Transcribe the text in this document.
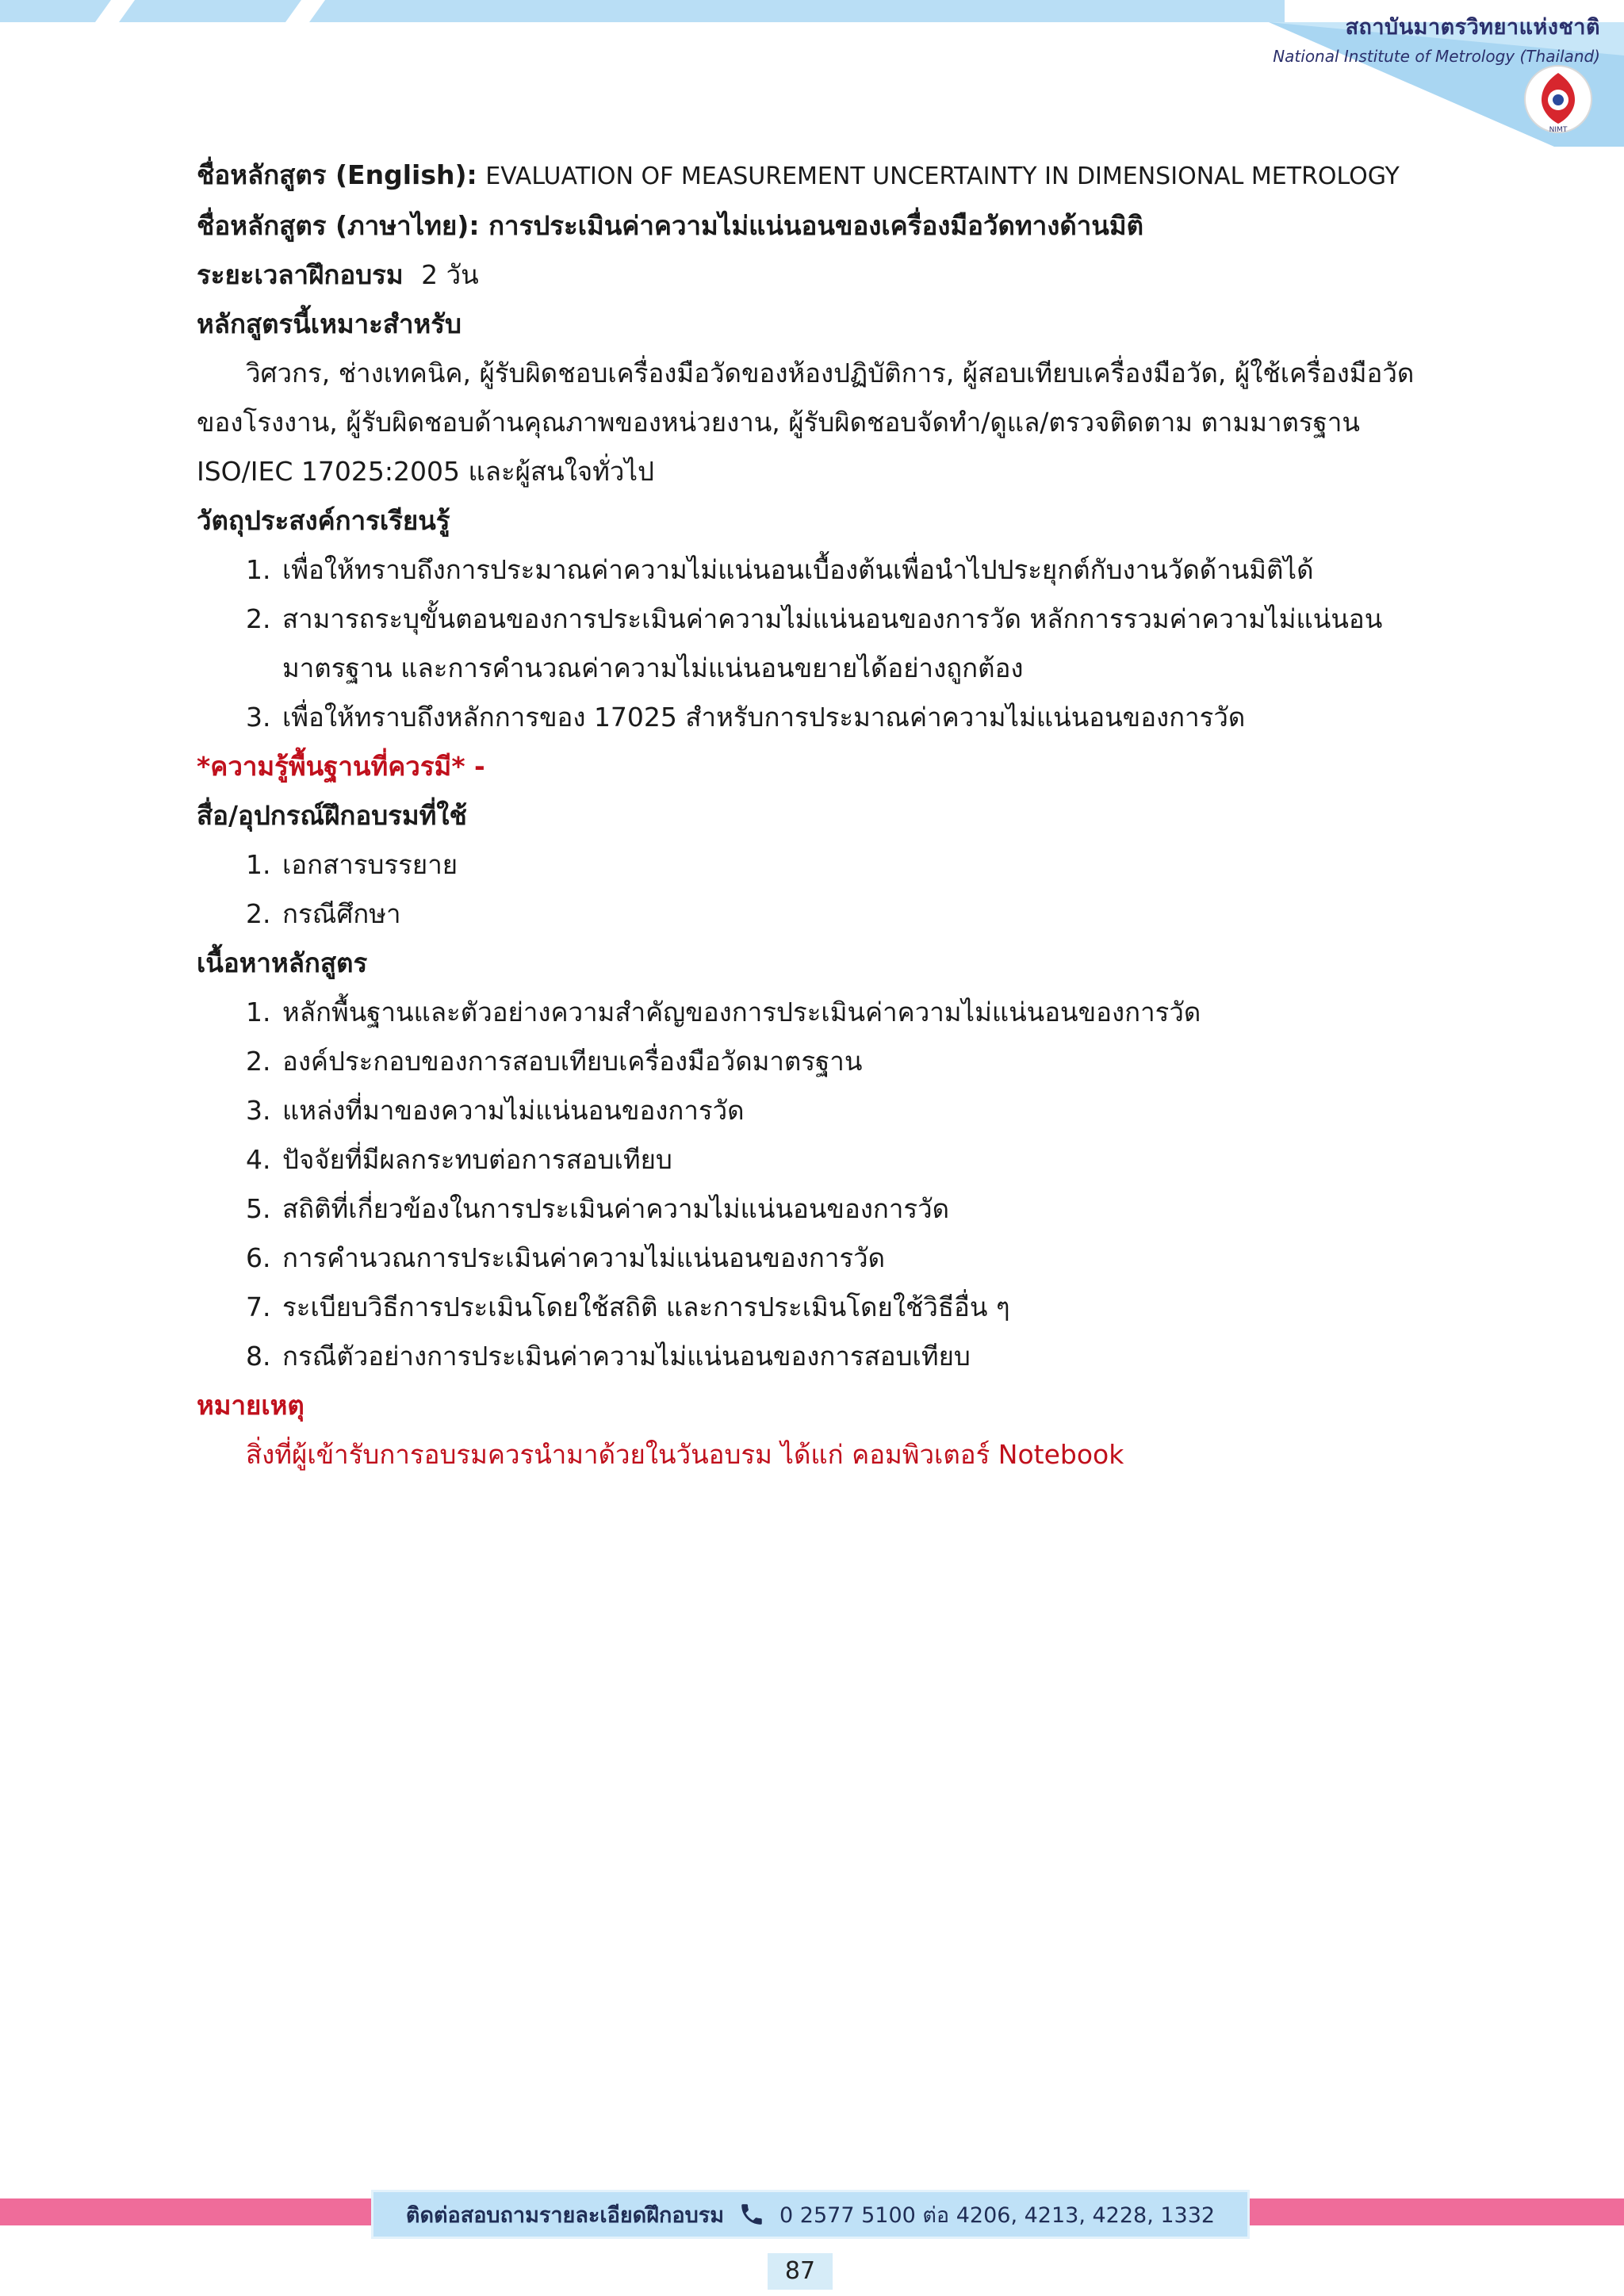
สถาบันมาตรวิทยาแห่งชาติ
National Institute of Metrology (Thailand)
NIMT
ชื่อหลักสูตร (English): EVALUATION OF MEASUREMENT UNCERTAINTY IN DIMENSIONAL METROLOGY
ชื่อหลักสูตร (ภาษาไทย): การประเมินค่าความไม่แน่นอนของเครื่องมือวัดทางด้านมิติ
ระยะเวลาฝึกอบรม 2 วัน
หลักสูตรนี้เหมาะสำหรับ
วิศวกร, ช่างเทคนิค, ผู้รับผิดชอบเครื่องมือวัดของห้องปฏิบัติการ, ผู้สอบเทียบเครื่องมือวัด, ผู้ใช้เครื่องมือวัดของโรงงาน, ผู้รับผิดชอบด้านคุณภาพของหน่วยงาน, ผู้รับผิดชอบจัดทำ/ดูแล/ตรวจติดตาม ตามมาตรฐาน ISO/IEC 17025:2005 และผู้สนใจทั่วไป
วัตถุประสงค์การเรียนรู้
1. เพื่อให้ทราบถึงการประมาณค่าความไม่แน่นอนเบื้องต้นเพื่อนำไปประยุกต์กับงานวัดด้านมิติได้
2. สามารถระบุขั้นตอนของการประเมินค่าความไม่แน่นอนของการวัด หลักการรวมค่าความไม่แน่นอนมาตรฐาน และการคำนวณค่าความไม่แน่นอนขยายได้อย่างถูกต้อง
3. เพื่อให้ทราบถึงหลักการของ 17025 สำหรับการประมาณค่าความไม่แน่นอนของการวัด
*ความรู้พื้นฐานที่ควรมี* -
สื่อ/อุปกรณ์ฝึกอบรมที่ใช้
1. เอกสารบรรยาย
2. กรณีศึกษา
เนื้อหาหลักสูตร
1. หลักพื้นฐานและตัวอย่างความสำคัญของการประเมินค่าความไม่แน่นอนของการวัด
2. องค์ประกอบของการสอบเทียบเครื่องมือวัดมาตรฐาน
3. แหล่งที่มาของความไม่แน่นอนของการวัด
4. ปัจจัยที่มีผลกระทบต่อการสอบเทียบ
5. สถิติที่เกี่ยวข้องในการประเมินค่าความไม่แน่นอนของการวัด
6. การคำนวณการประเมินค่าความไม่แน่นอนของการวัด
7. ระเบียบวิธีการประเมินโดยใช้สถิติ และการประเมินโดยใช้วิธีอื่น ๆ
8. กรณีตัวอย่างการประเมินค่าความไม่แน่นอนของการสอบเทียบ
หมายเหตุ
สิ่งที่ผู้เข้ารับการอบรมควรนำมาด้วยในวันอบรม ได้แก่ คอมพิวเตอร์ Notebook
ติดต่อสอบถามรายละเอียดฝึกอบรม	0 2577 5100 ต่อ 4206, 4213, 4228, 1332
87
